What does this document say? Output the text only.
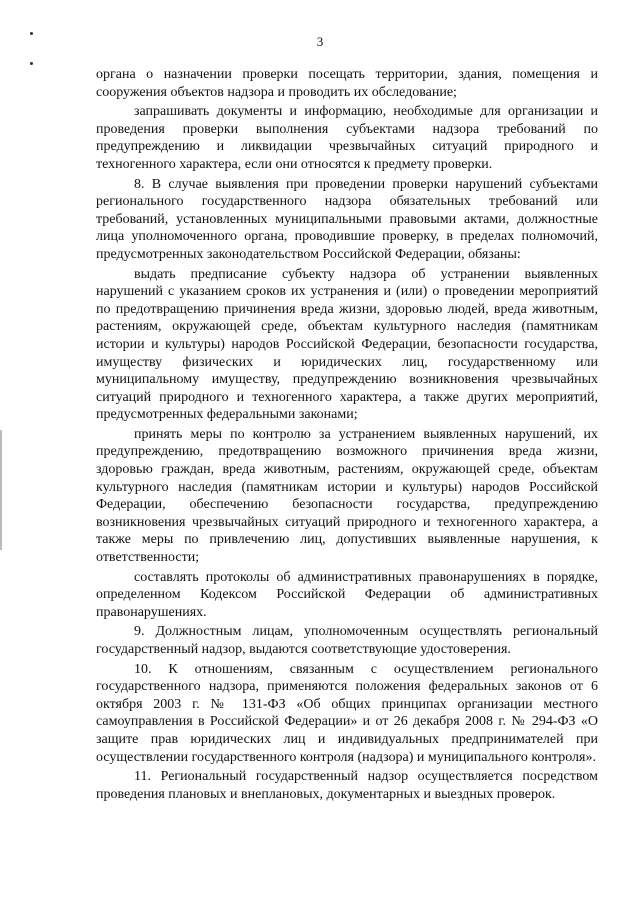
3

органа о назначении проверки посещать территории, здания, помещения и сооружения объектов надзора и проводить их обследование;

запрашивать документы и информацию, необходимые для организации и проведения проверки выполнения субъектами надзора требований по предупреждению и ликвидации чрезвычайных ситуаций природного и техногенного характера, если они относятся к предмету проверки.

8. В случае выявления при проведении проверки нарушений субъектами регионального государственного надзора обязательных требований или требований, установленных муниципальными правовыми актами, должностные лица уполномоченного органа, проводившие проверку, в пределах полномочий, предусмотренных законодательством Российской Федерации, обязаны:

выдать предписание субъекту надзора об устранении выявленных нарушений с указанием сроков их устранения и (или) о проведении мероприятий по предотвращению причинения вреда жизни, здоровью людей, вреда животным, растениям, окружающей среде, объектам культурного наследия (памятникам истории и культуры) народов Российской Федерации, безопасности государства, имуществу физических и юридических лиц, государственному или муниципальному имуществу, предупреждению возникновения чрезвычайных ситуаций природного и техногенного характера, а также других мероприятий, предусмотренных федеральными законами;

принять меры по контролю за устранением выявленных нарушений, их предупреждению, предотвращению возможного причинения вреда жизни, здоровью граждан, вреда животным, растениям, окружающей среде, объектам культурного наследия (памятникам истории и культуры) народов Российской Федерации, обеспечению безопасности государства, предупреждению возникновения чрезвычайных ситуаций природного и техногенного характера, а также меры по привлечению лиц, допустивших выявленные нарушения, к ответственности;

составлять протоколы об административных правонарушениях в порядке, определенном Кодексом Российской Федерации об административных правонарушениях.

9. Должностным лицам, уполномоченным осуществлять региональный государственный надзор, выдаются соответствующие удостоверения.

10. К отношениям, связанным с осуществлением регионального государственного надзора, применяются положения федеральных законов от 6 октября 2003 г. № 131-ФЗ «Об общих принципах организации местного самоуправления в Российской Федерации» и от 26 декабря 2008 г. № 294-ФЗ «О защите прав юридических лиц и индивидуальных предпринимателей при осуществлении государственного контроля (надзора) и муниципального контроля».

11. Региональный государственный надзор осуществляется посредством проведения плановых и внеплановых, документарных и выездных проверок.
